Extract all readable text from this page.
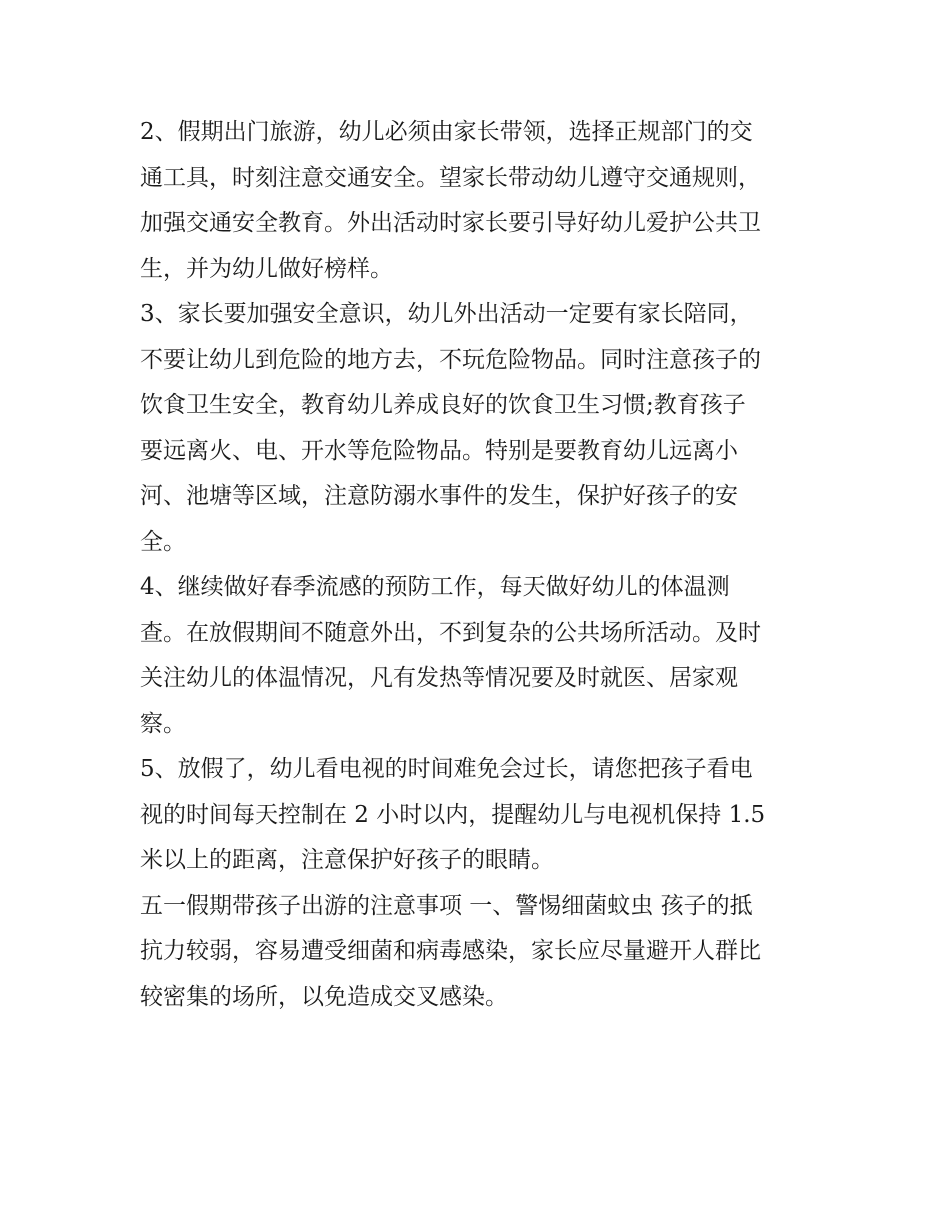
2、假期出门旅游，幼儿必须由家长带领，选择正规部门的交
通工具，时刻注意交通安全。望家长带动幼儿遵守交通规则，
加强交通安全教育。外出活动时家长要引导好幼儿爱护公共卫
生，并为幼儿做好榜样。
3、家长要加强安全意识，幼儿外出活动一定要有家长陪同，
不要让幼儿到危险的地方去，不玩危险物品。同时注意孩子的
饮食卫生安全，教育幼儿养成良好的饮食卫生习惯;教育孩子
要远离火、电、开水等危险物品。特别是要教育幼儿远离小
河、池塘等区域，注意防溺水事件的发生，保护好孩子的安
全。
4、继续做好春季流感的预防工作，每天做好幼儿的体温测
查。在放假期间不随意外出，不到复杂的公共场所活动。及时
关注幼儿的体温情况，凡有发热等情况要及时就医、居家观
察。
5、放假了，幼儿看电视的时间难免会过长，请您把孩子看电
视的时间每天控制在 2 小时以内，提醒幼儿与电视机保持 1.5
米以上的距离，注意保护好孩子的眼睛。
五一假期带孩子出游的注意事项 一、警惕细菌蚊虫 孩子的抵
抗力较弱，容易遭受细菌和病毒感染，家长应尽量避开人群比
较密集的场所，以免造成交叉感染。
